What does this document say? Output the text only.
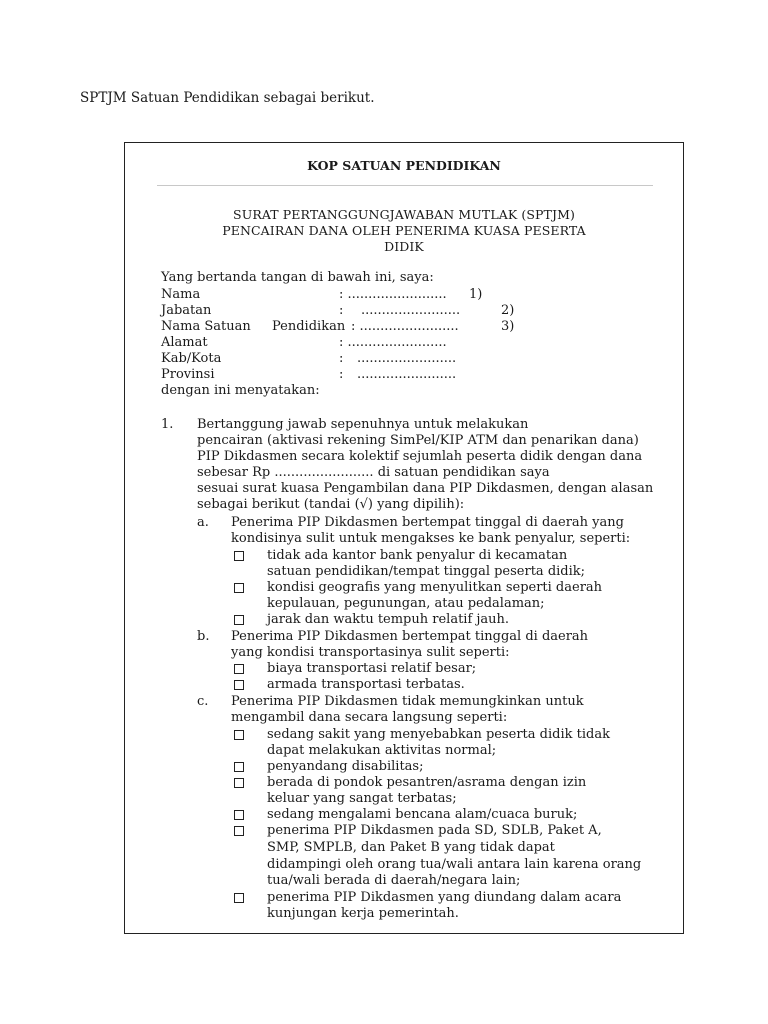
SPTJM Satuan Pendidikan sebagai berikut.
KOP SATUAN PENDIDIKAN
SURAT PERTANGGUNGJAWABAN MUTLAK (SPTJM)
PENCAIRAN DANA OLEH PENERIMA KUASA PESERTA
DIDIK
Yang bertanda tangan di bawah ini, saya:
Nama	: ........................ 1)
Jabatan	: ........................	2)
Nama Satuan Pendidikan : ........................	3)
Alamat	: ........................
Kab/Kota	: ........................
Provinsi	: ........................
dengan ini menyatakan:
1. Bertanggung jawab sepenuhnya untuk melakukan
pencairan (aktivasi rekening SimPel/KIP ATM dan penarikan dana)
PIP Dikdasmen secara kolektif sejumlah peserta didik dengan dana
sebesar Rp ........................ di satuan pendidikan saya
sesuai surat kuasa Pengambilan dana PIP Dikdasmen, dengan alasan
sebagai berikut (tandai (√) yang dipilih):
a. Penerima PIP Dikdasmen bertempat tinggal di daerah yang
kondisinya sulit untuk mengakses ke bank penyalur, seperti:
tidak ada kantor bank penyalur di kecamatan
satuan pendidikan/tempat tinggal peserta didik;
kondisi geografis yang menyulitkan seperti daerah
kepulauan, pegunungan, atau pedalaman;
jarak dan waktu tempuh relatif jauh.
b. Penerima PIP Dikdasmen bertempat tinggal di daerah
yang kondisi transportasinya sulit seperti:
biaya transportasi relatif besar;
armada transportasi terbatas.
c. Penerima PIP Dikdasmen tidak memungkinkan untuk
mengambil dana secara langsung seperti:
sedang sakit yang menyebabkan peserta didik tidak
dapat melakukan aktivitas normal;
penyandang disabilitas;
berada di pondok pesantren/asrama dengan izin
keluar yang sangat terbatas;
sedang mengalami bencana alam/cuaca buruk;
penerima PIP Dikdasmen pada SD, SDLB, Paket A,
SMP, SMPLB, dan Paket B yang tidak dapat
didampingi oleh orang tua/wali antara lain karena orang
tua/wali berada di daerah/negara lain;
penerima PIP Dikdasmen yang diundang dalam acara
kunjungan kerja pemerintah.
